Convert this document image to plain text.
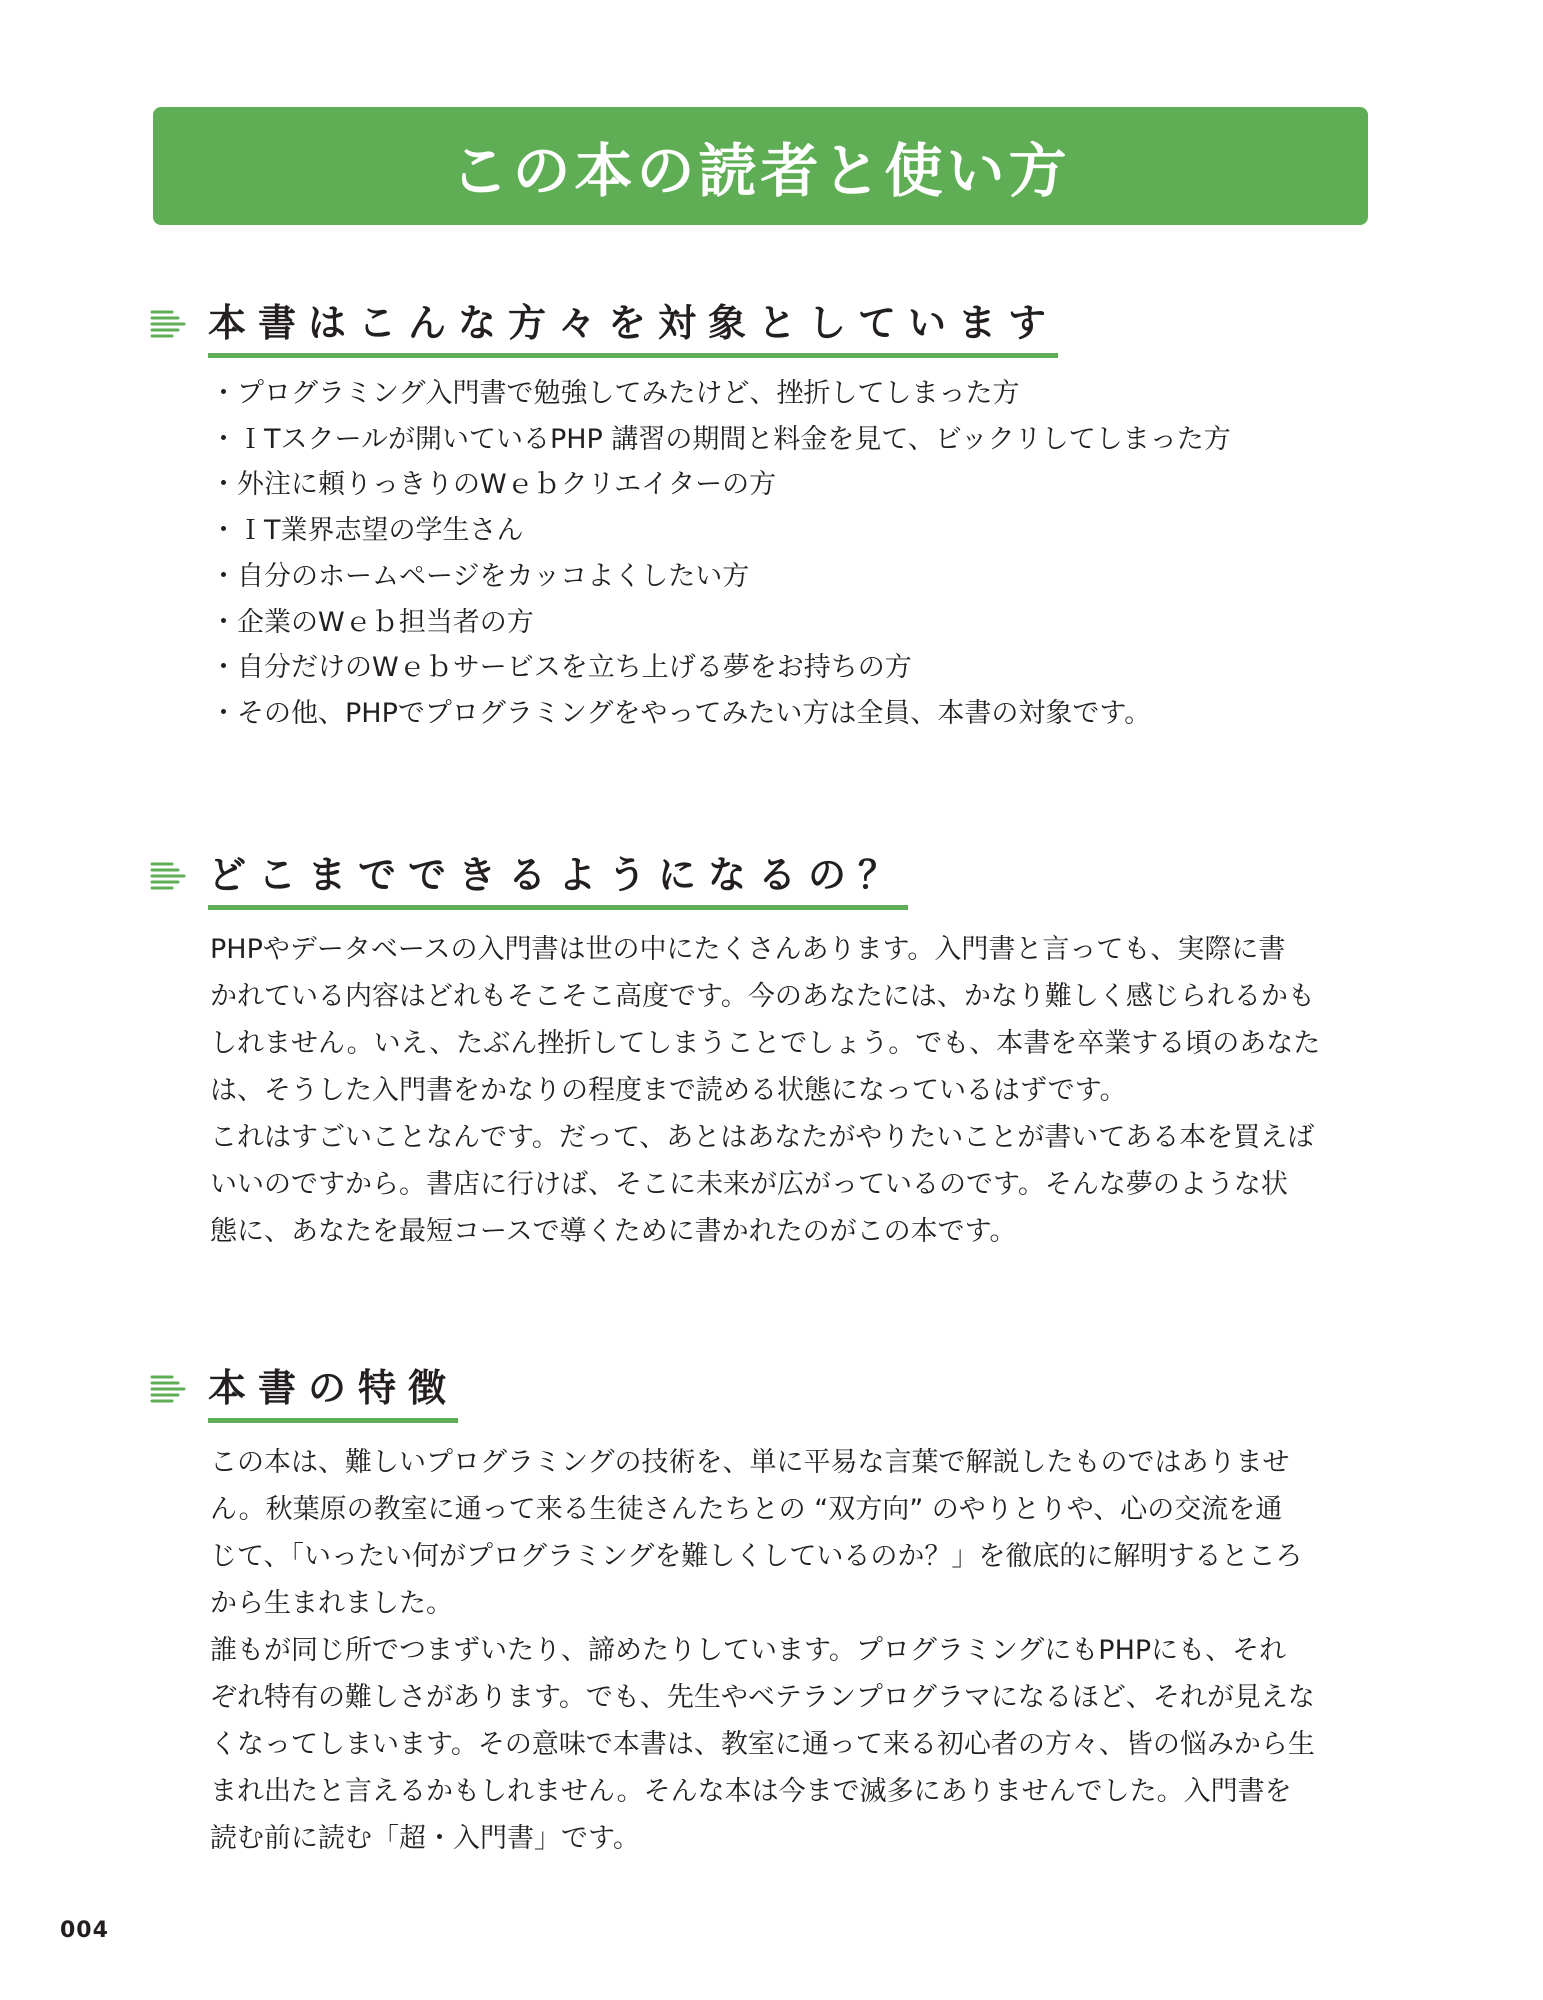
この本の読者と使い方
本書はこんな方々を対象としています
・プログラミング入門書で勉強してみたけど、挫折してしまった方
・ＩTスクールが開いているPHP 講習の期間と料金を見て、ビックリしてしまった方
・外注に頼りっきりのWｅｂクリエイターの方
・ＩT業界志望の学生さん
・自分のホームページをカッコよくしたい方
・企業のWｅｂ担当者の方
・自分だけのWｅｂサービスを立ち上げる夢をお持ちの方
・その他、PHPでプログラミングをやってみたい方は全員、本書の対象です。
どこまでできるようになるの？

PHPやデータベースの入門書は世の中にたくさんあります。入門書と言っても、実際に書

かれている内容はどれもそこそこ高度です。今のあなたには、かなり難しく感じられるかも

しれません。いえ、たぶん挫折してしまうことでしょう。でも、本書を卒業する頃のあなた

は、そうした入門書をかなりの程度まで読める状態になっているはずです。

これはすごいことなんです。だって、あとはあなたがやりたいことが書いてある本を買えば

いいのですから。書店に行けば、そこに未来が広がっているのです。そんな夢のような状

態に、あなたを最短コースで導くために書かれたのがこの本です。

本書の特徴

この本は、難しいプログラミングの技術を、単に平易な言葉で解説したものではありませ

ん。秋葉原の教室に通って来る生徒さんたちとの “双方向” のやりとりや、心の交流を通

じて、「いったい何がプログラミングを難しくしているのか？」を徹底的に解明するところ

から生まれました。

誰もが同じ所でつまずいたり、諦めたりしています。プログラミングにもPHPにも、それ

ぞれ特有の難しさがあります。でも、先生やベテランプログラマになるほど、それが見えな

くなってしまいます。その意味で本書は、教室に通って来る初心者の方々、皆の悩みから生

まれ出たと言えるかもしれません。そんな本は今まで滅多にありませんでした。入門書を

読む前に読む「超・入門書」です。

004
